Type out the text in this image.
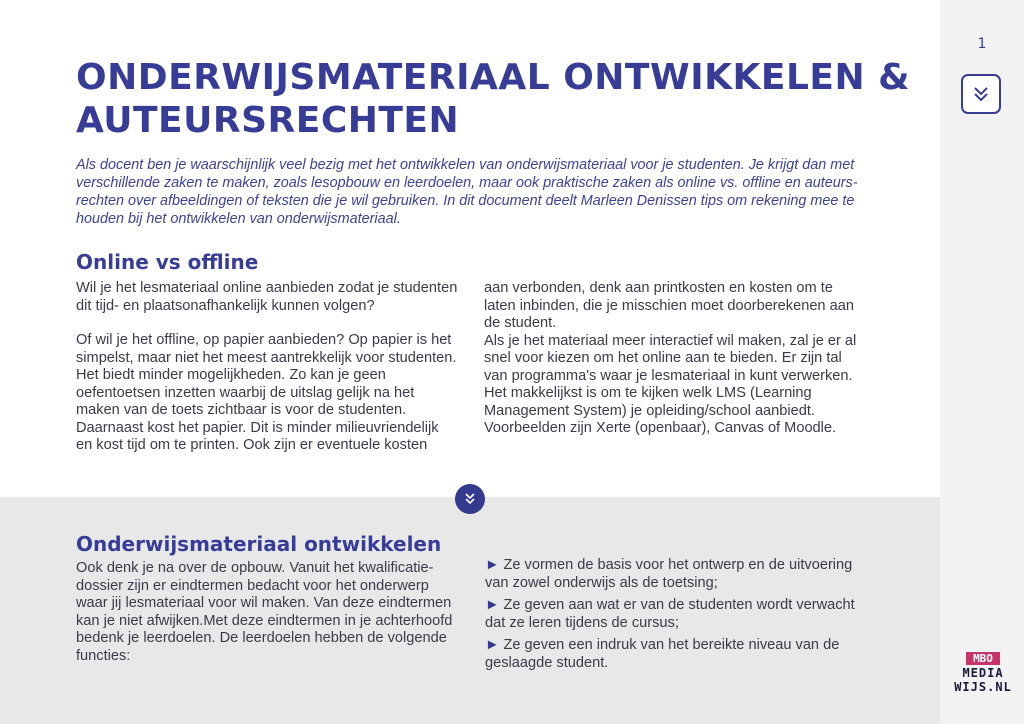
ONDERWIJSMATERIAAL ONTWIKKELEN & AUTEURSRECHTEN

Als docent ben je waarschijnlijk veel bezig met het ontwikkelen van onderwijsmateriaal voor je studenten. Je krijgt dan met verschillende zaken te maken, zoals lesopbouw en leerdoelen, maar ook praktische zaken als online vs. offline en auteurs-rechten over afbeeldingen of teksten die je wil gebruiken. In dit document deelt Marleen Denissen tips om rekening mee te houden bij het ontwikkelen van onderwijsmateriaal.

Online vs offline

Wil je het lesmateriaal online aanbieden zodat je studenten dit tijd- en plaatsonafhankelijk kunnen volgen?

Of wil je het offline, op papier aanbieden? Op papier is het simpelst, maar niet het meest aantrekkelijk voor studenten. Het biedt minder mogelijkheden. Zo kan je geen oefentoetsen inzetten waarbij de uitslag gelijk na het maken van de toets zichtbaar is voor de studenten. Daarnaast kost het papier. Dit is minder milieuvriendelijk en kost tijd om te printen. Ook zijn er eventuele kosten

aan verbonden, denk aan printkosten en kosten om te laten inbinden, die je misschien moet doorberekenen aan de student.

Als je het materiaal meer interactief wil maken, zal je er al snel voor kiezen om het online aan te bieden. Er zijn tal van programma's waar je lesmateriaal in kunt verwerken. Het makkelijkst is om te kijken welk LMS (Learning Management System) je opleiding/school aanbiedt. Voorbeelden zijn Xerte (openbaar), Canvas of Moodle.

Onderwijsmateriaal ontwikkelen

Ook denk je na over de opbouw. Vanuit het kwalificatie-dossier zijn er eindtermen bedacht voor het onderwerp waar jij lesmateriaal voor wil maken. Van deze eindtermen kan je niet afwijken.Met deze eindtermen in je achterhoofd bedenk je leerdoelen. De leerdoelen hebben de volgende functies:

► Ze vormen de basis voor het ontwerp en de uitvoering van zowel onderwijs als de toetsing;
► Ze geven aan wat er van de studenten wordt verwacht dat ze leren tijdens de cursus;
► Ze geven een indruk van het bereikte niveau van de geslaagde student.
1
MBO
MEDIA
WIJS.NL
